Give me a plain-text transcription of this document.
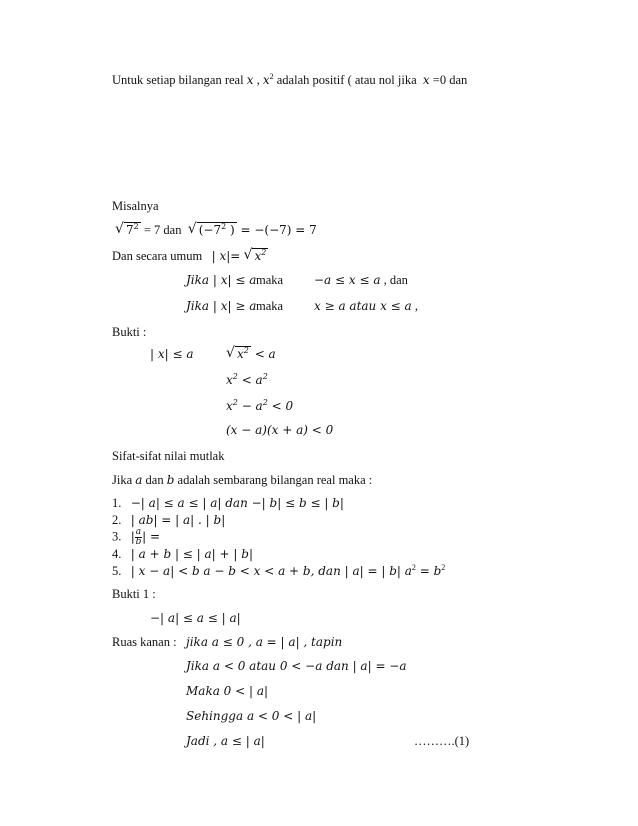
Untuk setiap bilangan real x , $x^2$ adalah positif ( atau nol jika x =0 dan
Misalnya
√ $7^2 = 7$ dan √ ($-7^2$ ) = −(−7) = 7
Dan secara umum | x|= √ $x^2$
Jika | x| ≤ a maka	−a ≤ x ≤ a , dan
Jika | x| ≥ a maka	x ≥ a atau x ≤ a ,
Bukti :
| x| ≤ a	√ $x^2 < a$
$x^2 < a^2$
$x^2 - a^2 < 0$
(x − a)(x + a) < 0
Sifat-sifat nilai mutlak
Jika a dan b adalah sembarang bilangan real maka :
1. −| a| ≤ a ≤ | a| dan −| b| ≤ b ≤ | b|
2. | ab| = | a| . | b|
3. | $\frac{a}{b}$ | =
4. | a + b | ≤ | a| + | b|
5. | x − a| < b a − b < x < a + b, dan | a| = | b| $a^2 = b^2$
Bukti 1 :
−| a| ≤ a ≤ | a|
Ruas kanan : jika a ≤ 0 , a = | a| , tapin
Jika a < 0 atau 0 < −a dan | a| = −a
Maka 0 < | a|
Sehingga a < 0 < | a|
Jadi , a ≤ | a|	……….(1)
